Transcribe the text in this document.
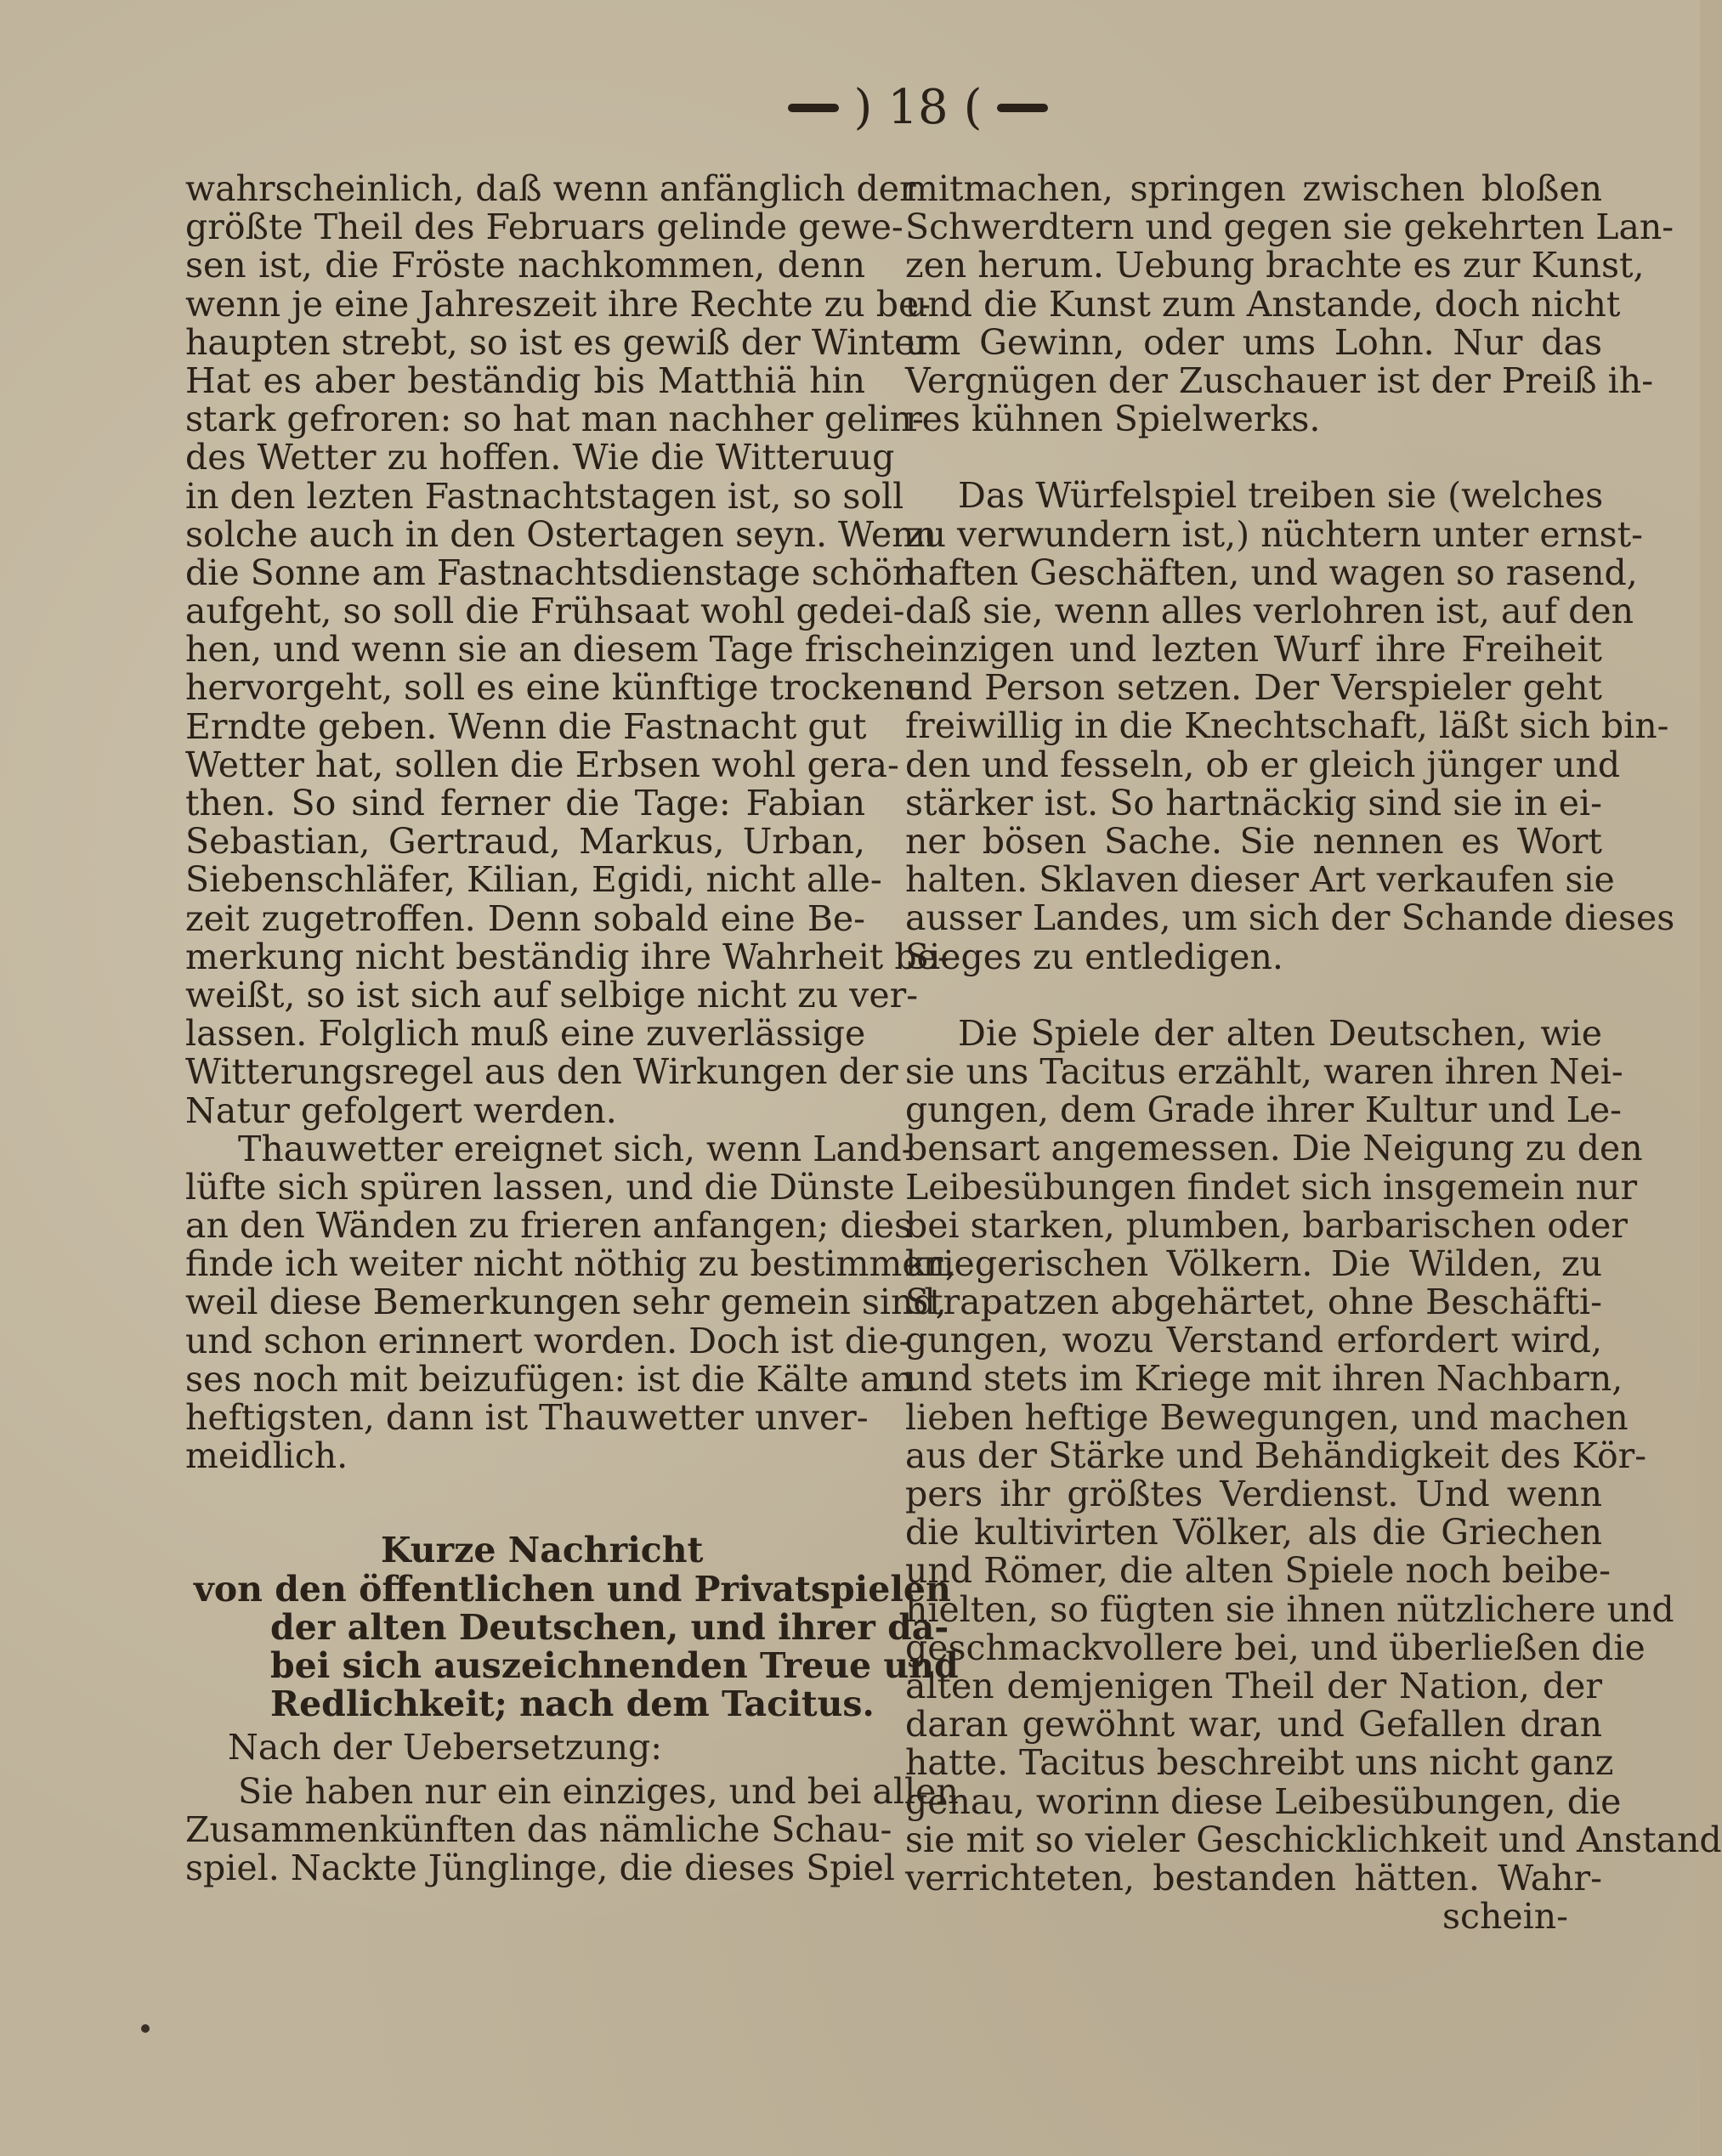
) 18 (
wahrscheinlich, daß wenn anfänglich der
größte Theil des Februars gelinde gewe-
sen ist, die Fröste nachkommen, denn
wenn je eine Jahreszeit ihre Rechte zu be-
haupten strebt, so ist es gewiß der Winter.
Hat es aber beständig bis Matthiä hin
stark gefroren: so hat man nachher gelin-
des Wetter zu hoffen. Wie die Witteruug
in den lezten Fastnachtstagen ist, so soll
solche auch in den Ostertagen seyn. Wenn
die Sonne am Fastnachtsdienstage schön
aufgeht, so soll die Frühsaat wohl gedei-
hen, und wenn sie an diesem Tage frisch
hervorgeht, soll es eine künftige trockene
Erndte geben. Wenn die Fastnacht gut
Wetter hat, sollen die Erbsen wohl gera-
then. So sind ferner die Tage: Fabian
Sebastian, Gertraud, Markus, Urban,
Siebenschläfer, Kilian, Egidi, nicht alle-
zeit zugetroffen. Denn sobald eine Be-
merkung nicht beständig ihre Wahrheit be-
weißt, so ist sich auf selbige nicht zu ver-
lassen. Folglich muß eine zuverlässige
Witterungsregel aus den Wirkungen der
Natur gefolgert werden.
Thauwetter ereignet sich, wenn Land-
lüfte sich spüren lassen, und die Dünste
an den Wänden zu frieren anfangen; dies
finde ich weiter nicht nöthig zu bestimmen,
weil diese Bemerkungen sehr gemein sind,
und schon erinnert worden. Doch ist die-
ses noch mit beizufügen: ist die Kälte am
heftigsten, dann ist Thauwetter unver-
meidlich.
Kurze Nachricht
von den öffentlichen und Privatspielen
der alten Deutschen, und ihrer da-
bei sich auszeichnenden Treue und
Redlichkeit; nach dem Tacitus.
Nach der Uebersetzung:
Sie haben nur ein einziges, und bei allen
Zusammenkünften das nämliche Schau-
spiel. Nackte Jünglinge, die dieses Spiel
mitmachen, springen zwischen bloßen
Schwerdtern und gegen sie gekehrten Lan-
zen herum. Uebung brachte es zur Kunst,
und die Kunst zum Anstande, doch nicht
um Gewinn, oder ums Lohn. Nur das
Vergnügen der Zuschauer ist der Preiß ih-
res kühnen Spielwerks.
Das Würfelspiel treiben sie (welches
zu verwundern ist,) nüchtern unter ernst-
haften Geschäften, und wagen so rasend,
daß sie, wenn alles verlohren ist, auf den
einzigen und lezten Wurf ihre Freiheit
und Person setzen. Der Verspieler geht
freiwillig in die Knechtschaft, läßt sich bin-
den und fesseln, ob er gleich jünger und
stärker ist. So hartnäckig sind sie in ei-
ner bösen Sache. Sie nennen es Wort
halten. Sklaven dieser Art verkaufen sie
ausser Landes, um sich der Schande dieses
Sieges zu entledigen.
Die Spiele der alten Deutschen, wie
sie uns Tacitus erzählt, waren ihren Nei-
gungen, dem Grade ihrer Kultur und Le-
bensart angemessen. Die Neigung zu den
Leibesübungen findet sich insgemein nur
bei starken, plumben, barbarischen oder
kriegerischen Völkern. Die Wilden, zu
Strapatzen abgehärtet, ohne Beschäfti-
gungen, wozu Verstand erfordert wird,
und stets im Kriege mit ihren Nachbarn,
lieben heftige Bewegungen, und machen
aus der Stärke und Behändigkeit des Kör-
pers ihr größtes Verdienst. Und wenn
die kultivirten Völker, als die Griechen
und Römer, die alten Spiele noch beibe-
hielten, so fügten sie ihnen nützlichere und
geschmackvollere bei, und überließen die
alten demjenigen Theil der Nation, der
daran gewöhnt war, und Gefallen dran
hatte. Tacitus beschreibt uns nicht ganz
genau, worinn diese Leibesübungen, die
sie mit so vieler Geschicklichkeit und Anstand
verrichteten, bestanden hätten. Wahr-
schein-
